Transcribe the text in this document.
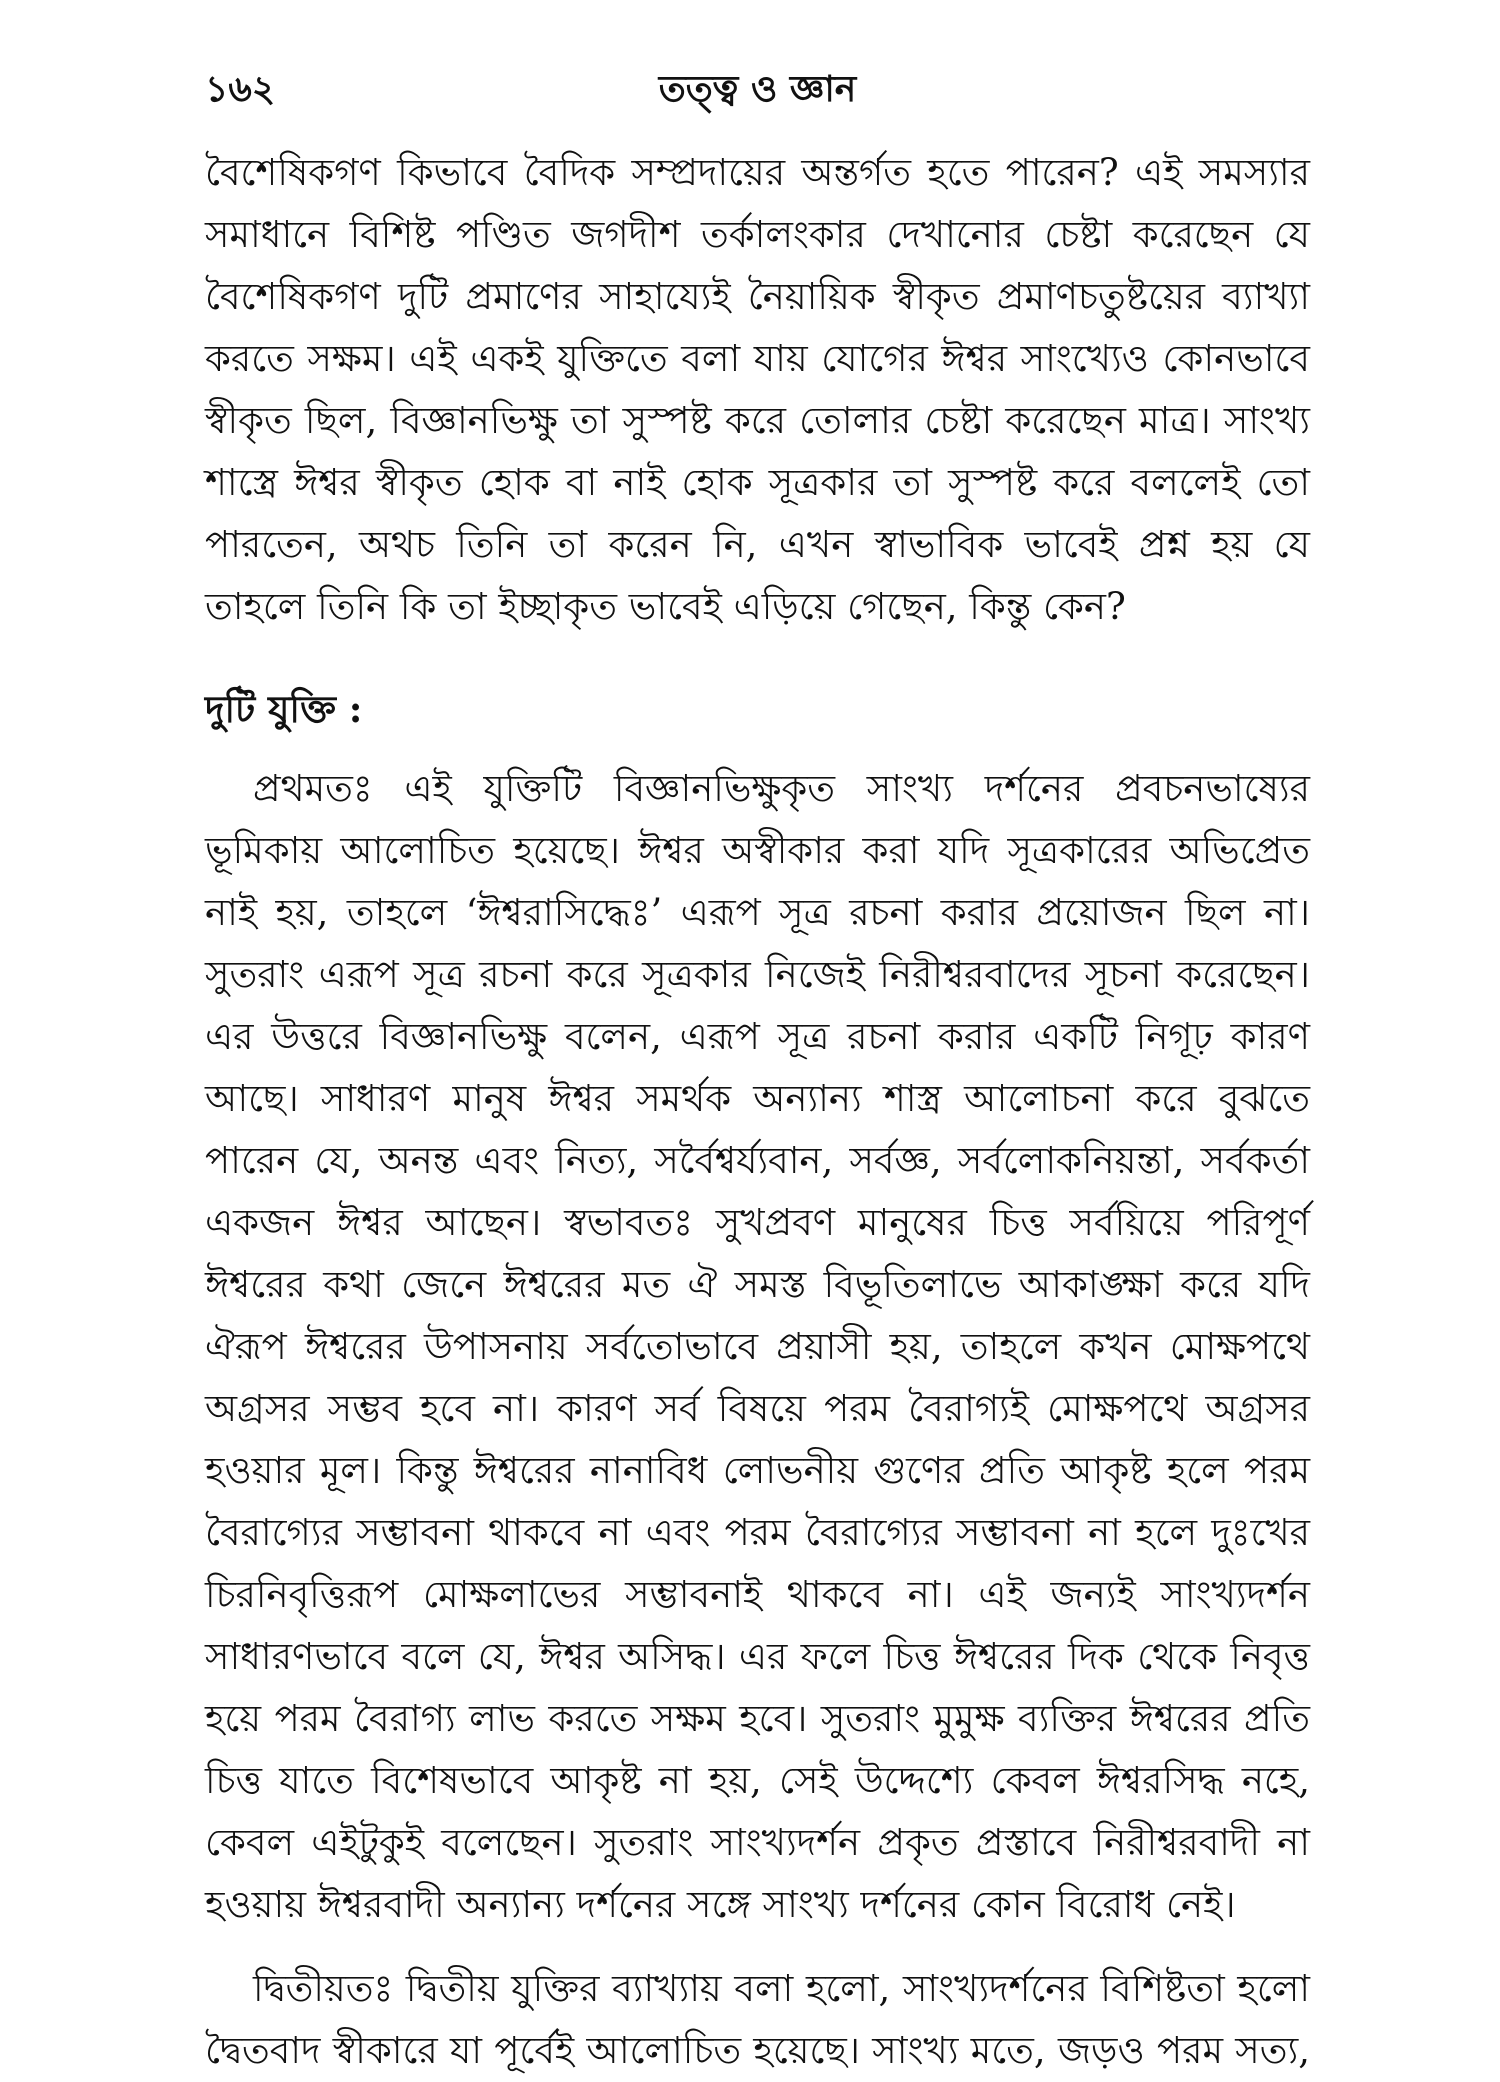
১৬২	তত্ত্ব ও জ্ঞান

বৈশেষিকগণ কিভাবে বৈদিক সম্প্রদায়ের অন্তর্গত হতে পারেন? এই সমস্যার সমাধানে বিশিষ্ট পণ্ডিত জগদীশ তর্কালংকার দেখানোর চেষ্টা করেছেন যে বৈশেষিকগণ দুটি প্রমাণের সাহায্যেই নৈয়ায়িক স্বীকৃত প্রমাণচতুষ্টয়ের ব্যাখ্যা করতে সক্ষম। এই একই যুক্তিতে বলা যায় যোগের ঈশ্বর সাংখ্যেও কোনভাবে স্বীকৃত ছিল, বিজ্ঞানভিক্ষু তা সুস্পষ্ট করে তোলার চেষ্টা করেছেন মাত্র। সাংখ্য শাস্ত্রে ঈশ্বর স্বীকৃত হোক বা নাই হোক সূত্রকার তা সুস্পষ্ট করে বললেই তো পারতেন, অথচ তিনি তা করেন নি, এখন স্বাভাবিক ভাবেই প্রশ্ন হয় যে তাহলে তিনি কি তা ইচ্ছাকৃত ভাবেই এড়িয়ে গেছেন, কিন্তু কেন?

দুটি যুক্তি :

প্রথমতঃ এই যুক্তিটি বিজ্ঞানভিক্ষুকৃত সাংখ্য দর্শনের প্রবচনভাষ্যের ভূমিকায় আলোচিত হয়েছে। ঈশ্বর অস্বীকার করা যদি সূত্রকারের অভিপ্রেত নাই হয়, তাহলে ‘ঈশ্বরাসিদ্ধেঃ’ এরূপ সূত্র রচনা করার প্রয়োজন ছিল না। সুতরাং এরূপ সূত্র রচনা করে সূত্রকার নিজেই নিরীশ্বরবাদের সূচনা করেছেন। এর উত্তরে বিজ্ঞানভিক্ষু বলেন, এরূপ সূত্র রচনা করার একটি নিগূঢ় কারণ আছে। সাধারণ মানুষ ঈশ্বর সমর্থক অন্যান্য শাস্ত্র আলোচনা করে বুঝতে পারেন যে, অনন্ত এবং নিত্য, সর্বৈশ্বর্য্যবান, সর্বজ্ঞ, সর্বলোকনিয়ন্তা, সর্বকর্তা একজন ঈশ্বর আছেন। স্বভাবতঃ সুখপ্রবণ মানুষের চিত্ত সর্বয়িয়ে পরিপূর্ণ ঈশ্বরের কথা জেনে ঈশ্বরের মত ঐ সমস্ত বিভূতিলাভে আকাঙ্ক্ষা করে যদি ঐরূপ ঈশ্বরের উপাসনায় সর্বতোভাবে প্রয়াসী হয়, তাহলে কখন মোক্ষপথে অগ্রসর সম্ভব হবে না। কারণ সর্ব বিষয়ে পরম বৈরাগ্যই মোক্ষপথে অগ্রসর হওয়ার মূল। কিন্তু ঈশ্বরের নানাবিধ লোভনীয় গুণের প্রতি আকৃষ্ট হলে পরম বৈরাগ্যের সম্ভাবনা থাকবে না এবং পরম বৈরাগ্যের সম্ভাবনা না হলে দুঃখের চিরনিবৃত্তিরূপ মোক্ষলাভের সম্ভাবনাই থাকবে না। এই জন্যই সাংখ্যদর্শন সাধারণভাবে বলে যে, ঈশ্বর অসিদ্ধ। এর ফলে চিত্ত ঈশ্বরের দিক থেকে নিবৃত্ত হয়ে পরম বৈরাগ্য লাভ করতে সক্ষম হবে। সুতরাং মুমুক্ষ ব্যক্তির ঈশ্বরের প্রতি চিত্ত যাতে বিশেষভাবে আকৃষ্ট না হয়, সেই উদ্দেশ্যে কেবল ঈশ্বরসিদ্ধ নহে, কেবল এইটুকুই বলেছেন। সুতরাং সাংখ্যদর্শন প্রকৃত প্রস্তাবে নিরীশ্বরবাদী না হওয়ায় ঈশ্বরবাদী অন্যান্য দর্শনের সঙ্গে সাংখ্য দর্শনের কোন বিরোধ নেই।

দ্বিতীয়তঃ দ্বিতীয় যুক্তির ব্যাখ্যায় বলা হলো, সাংখ্যদর্শনের বিশিষ্টতা হলো দ্বৈতবাদ স্বীকারে যা পূর্বেই আলোচিত হয়েছে। সাংখ্য মতে, জড়ও পরম সত্য,
